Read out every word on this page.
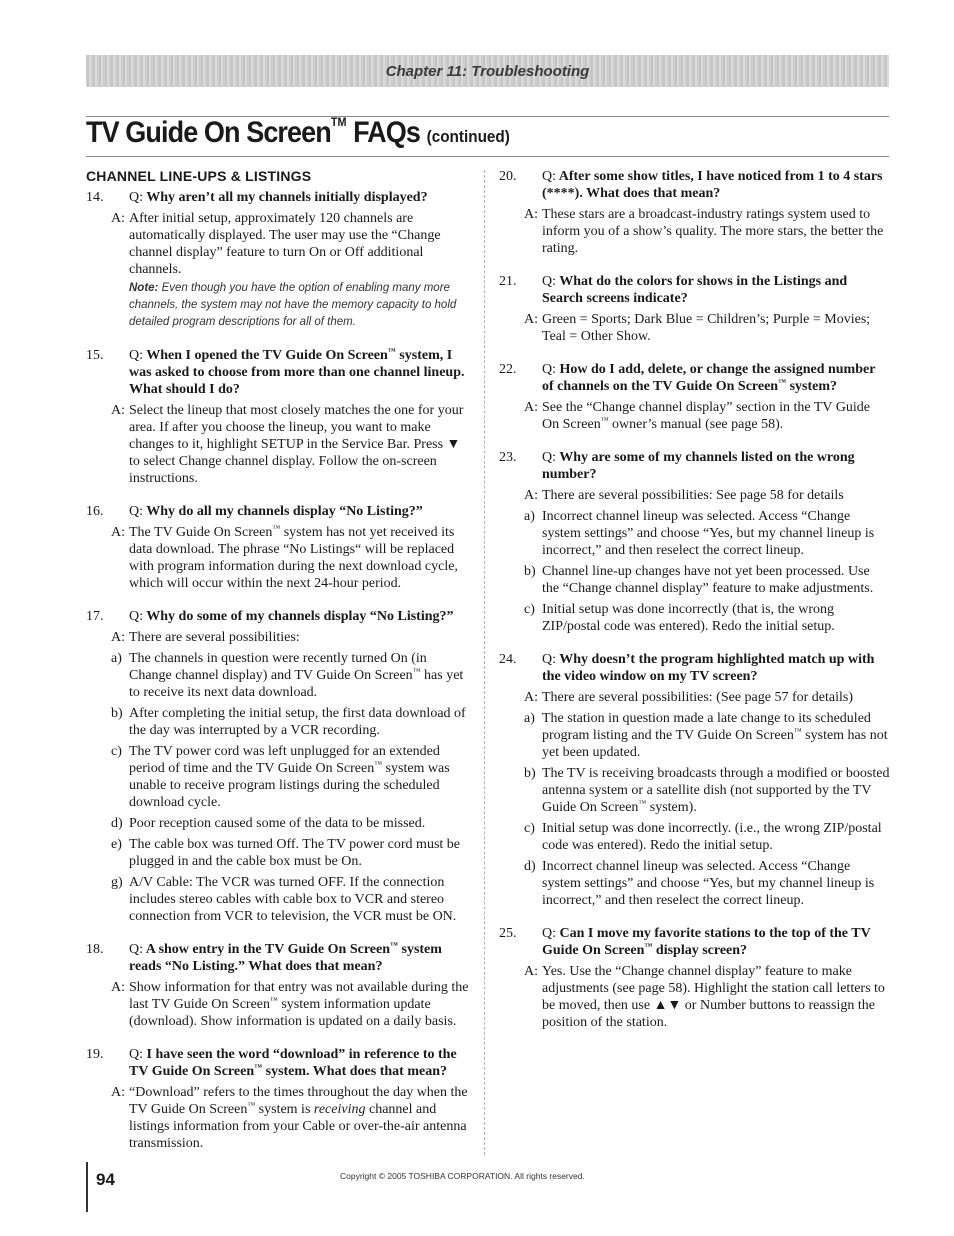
Chapter 11: Troubleshooting
TV Guide On Screen™ FAQs (continued)
CHANNEL LINE-UPS & LISTINGS
14. Q: Why aren’t all my channels initially displayed?
A: After initial setup, approximately 120 channels are automatically displayed. The user may use the “Change channel display” feature to turn On or Off additional channels.
Note: Even though you have the option of enabling many more channels, the system may not have the memory capacity to hold detailed program descriptions for all of them.
15. Q: When I opened the TV Guide On Screen™ system, I was asked to choose from more than one channel lineup. What should I do?
A: Select the lineup that most closely matches the one for your area. If after you choose the lineup, you want to make changes to it, highlight SETUP in the Service Bar. Press ▼ to select Change channel display. Follow the on-screen instructions.
16. Q: Why do all my channels display “No Listing?”
A: The TV Guide On Screen™ system has not yet received its data download. The phrase “No Listings“ will be replaced with program information during the next download cycle, which will occur within the next 24-hour period.
17. Q: Why do some of my channels display “No Listing?”
A: There are several possibilities:
a) The channels in question were recently turned On (in Change channel display) and TV Guide On Screen™ has yet to receive its next data download.
b) After completing the initial setup, the first data download of the day was interrupted by a VCR recording.
c) The TV power cord was left unplugged for an extended period of time and the TV Guide On Screen™ system was unable to receive program listings during the scheduled download cycle.
d) Poor reception caused some of the data to be missed.
e) The cable box was turned Off. The TV power cord must be plugged in and the cable box must be On.
g) A/V Cable: The VCR was turned OFF. If the connection includes stereo cables with cable box to VCR and stereo connection from VCR to television, the VCR must be ON.
18. Q: A show entry in the TV Guide On Screen™ system reads “No Listing.” What does that mean?
A: Show information for that entry was not available during the last TV Guide On Screen™ system information update (download). Show information is updated on a daily basis.
19. Q: I have seen the word “download” in reference to the TV Guide On Screen™ system. What does that mean?
A: “Download” refers to the times throughout the day when the TV Guide On Screen™ system is receiving channel and listings information from your Cable or over-the-air antenna transmission.
20. Q: After some show titles, I have noticed from 1 to 4 stars (****). What does that mean?
A: These stars are a broadcast-industry ratings system used to inform you of a show’s quality. The more stars, the better the rating.
21. Q: What do the colors for shows in the Listings and Search screens indicate?
A: Green = Sports; Dark Blue = Children’s; Purple = Movies; Teal = Other Show.
22. Q: How do I add, delete, or change the assigned number of channels on the TV Guide On Screen™ system?
A: See the “Change channel display” section in the TV Guide On Screen™ owner’s manual (see page 58).
23. Q: Why are some of my channels listed on the wrong number?
A: There are several possibilities: See page 58 for details
a) Incorrect channel lineup was selected. Access “Change system settings” and choose “Yes, but my channel lineup is incorrect,” and then reselect the correct lineup.
b) Channel line-up changes have not yet been processed. Use the “Change channel display” feature to make adjustments.
c) Initial setup was done incorrectly (that is, the wrong ZIP/postal code was entered). Redo the initial setup.
24. Q: Why doesn’t the program highlighted match up with the video window on my TV screen?
A: There are several possibilities: (See page 57 for details)
a) The station in question made a late change to its scheduled program listing and the TV Guide On Screen™ system has not yet been updated.
b) The TV is receiving broadcasts through a modified or boosted antenna system or a satellite dish (not supported by the TV Guide On Screen™ system).
c) Initial setup was done incorrectly. (i.e., the wrong ZIP/postal code was entered). Redo the initial setup.
d) Incorrect channel lineup was selected. Access “Change system settings” and choose “Yes, but my channel lineup is incorrect,” and then reselect the correct lineup.
25. Q: Can I move my favorite stations to the top of the TV Guide On Screen™ display screen?
A: Yes. Use the “Change channel display” feature to make adjustments (see page 58). Highlight the station call letters to be moved, then use ▲▼ or Number buttons to reassign the position of the station.
94	Copyright © 2005 TOSHIBA CORPORATION. All rights reserved.
